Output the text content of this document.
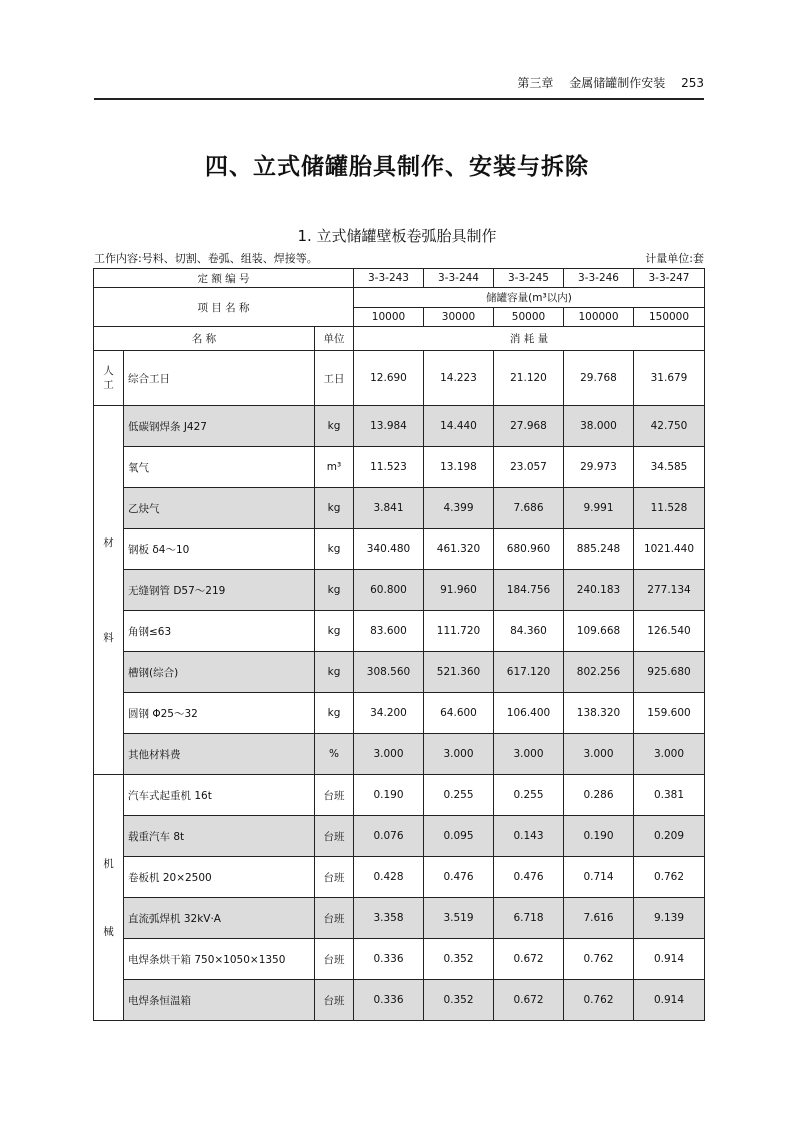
第三章 金属储罐制作安装 253
四、立式储罐胎具制作、安装与拆除
1. 立式储罐壁板卷弧胎具制作
工作内容:号料、切割、卷弧、组装、焊接等。	计量单位:套
定 额 编 号			3-3-243	3-3-244	3-3-245	3-3-246	3-3-247
项 目 名 称			储罐容量(m³以内)				
			10000	30000	50000	100000	150000
名 称		单位	消 耗 量				

人
工	综合工日	工日	12.690	14.223	21.120	29.768	31.679

材
料	低碳钢焊条 J427	kg	13.984	14.440	27.968	38.000	42.750
	氧气	m³	11.523	13.198	23.057	29.973	34.585
	乙炔气	kg	3.841	4.399	7.686	9.991	11.528
	钢板 δ4～10	kg	340.480	461.320	680.960	885.248	1021.440
	无缝钢管 D57～219	kg	60.800	91.960	184.756	240.183	277.134
	角钢≤63	kg	83.600	111.720	84.360	109.668	126.540
	槽钢(综合)	kg	308.560	521.360	617.120	802.256	925.680
	圆钢 Φ25～32	kg	34.200	64.600	106.400	138.320	159.600
	其他材料费	%	3.000	3.000	3.000	3.000	3.000

机
械	汽车式起重机 16t	台班	0.190	0.255	0.255	0.286	0.381
	载重汽车 8t	台班	0.076	0.095	0.143	0.190	0.209
	卷板机 20×2500	台班	0.428	0.476	0.476	0.714	0.762
	直流弧焊机 32kV·A	台班	3.358	3.519	6.718	7.616	9.139
	电焊条烘干箱 750×1050×1350	台班	0.336	0.352	0.672	0.762	0.914
	电焊条恒温箱	台班	0.336	0.352	0.672	0.762	0.914
